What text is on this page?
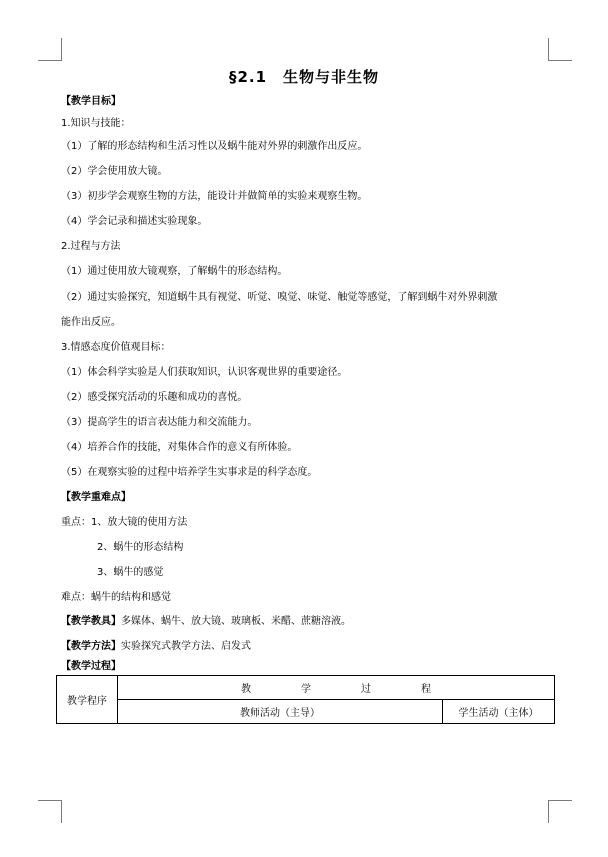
§2.1　生物与非生物
【教学目标】
1.知识与技能：
（1）了解的形态结构和生活习性以及蜗牛能对外界的刺激作出反应。
（2）学会使用放大镜。
（3）初步学会观察生物的方法，能设计并做简单的实验来观察生物。
（4）学会记录和描述实验现象。
2.过程与方法
（1）通过使用放大镜观察，了解蜗牛的形态结构。
（2）通过实验探究，知道蜗牛具有视觉、听觉、嗅觉、味觉、触觉等感觉，了解到蜗牛对外界刺激
能作出反应。
3.情感态度价值观目标：
（1）体会科学实验是人们获取知识，认识客观世界的重要途径。
（2）感受探究活动的乐趣和成功的喜悦。
（3）提高学生的语言表达能力和交流能力。
（4）培养合作的技能，对集体合作的意义有所体验。
（5）在观察实验的过程中培养学生实事求是的科学态度。
【教学重难点】
重点：1、放大镜的使用方法
2、蜗牛的形态结构
3、蜗牛的感觉
难点：蜗牛的结构和感觉
【教学教具】多媒体、蜗牛、放大镜、玻璃板、米醋、蔗糖溶液。
【教学方法】实验探究式教学方法、启发式
【教学过程】
教学程序	教学过程	
	教师活动（主导）	学生活动（主体）
